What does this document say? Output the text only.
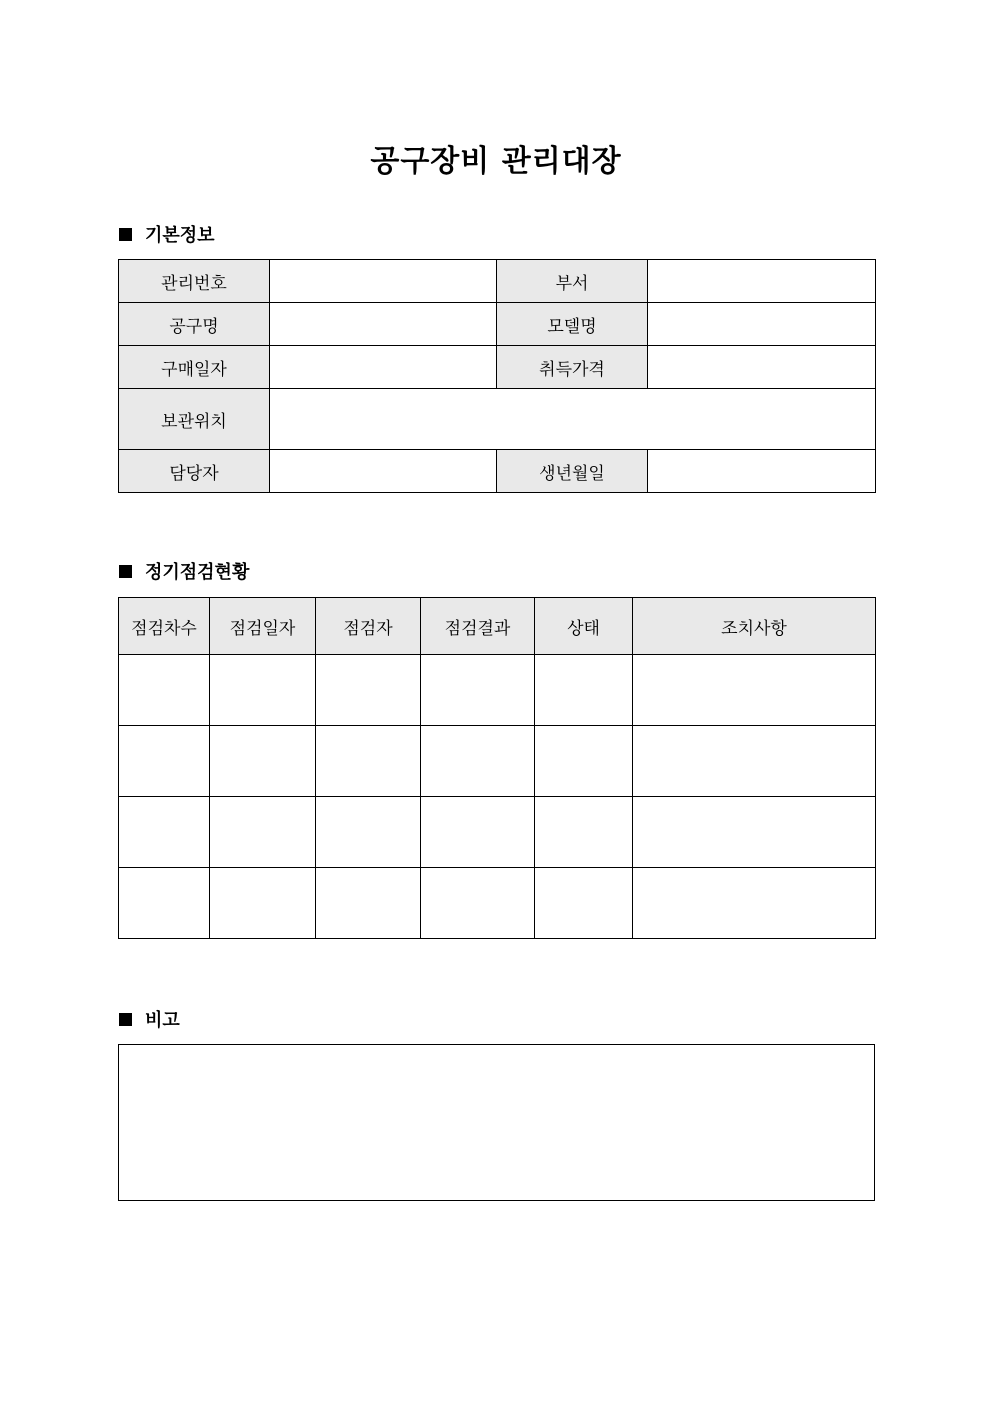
공구장비 관리대장
기본정보
관리번호		부서	
공구명		모델명	
구매일자		취득가격	
보관위치			
담당자		생년월일	
정기점검현황
점검차수	점검일자	점검자	점검결과	상태	조치사항

비고
